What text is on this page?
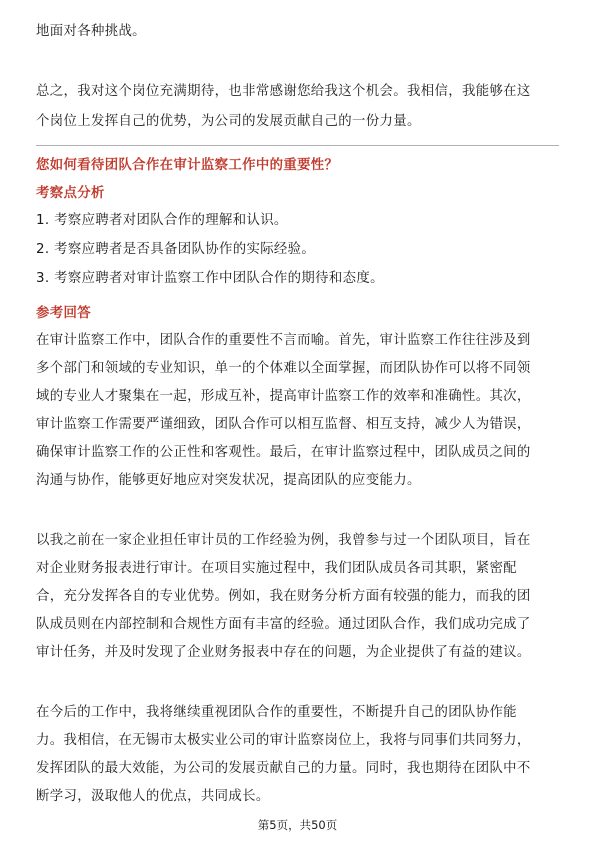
地面对各种挑战。
总之，我对这个岗位充满期待，也非常感谢您给我这个机会。我相信，我能够在这
个岗位上发挥自己的优势，为公司的发展贡献自己的一份力量。
您如何看待团队合作在审计监察工作中的重要性？
考察点分析
1. 考察应聘者对团队合作的理解和认识。
2. 考察应聘者是否具备团队协作的实际经验。
3. 考察应聘者对审计监察工作中团队合作的期待和态度。
参考回答
在审计监察工作中，团队合作的重要性不言而喻。首先，审计监察工作往往涉及到
多个部门和领域的专业知识，单一的个体难以全面掌握，而团队协作可以将不同领
域的专业人才聚集在一起，形成互补，提高审计监察工作的效率和准确性。其次，
审计监察工作需要严谨细致，团队合作可以相互监督、相互支持，减少人为错误，
确保审计监察工作的公正性和客观性。最后，在审计监察过程中，团队成员之间的
沟通与协作，能够更好地应对突发状况，提高团队的应变能力。
以我之前在一家企业担任审计员的工作经验为例，我曾参与过一个团队项目，旨在
对企业财务报表进行审计。在项目实施过程中，我们团队成员各司其职，紧密配
合，充分发挥各自的专业优势。例如，我在财务分析方面有较强的能力，而我的团
队成员则在内部控制和合规性方面有丰富的经验。通过团队合作，我们成功完成了
审计任务，并及时发现了企业财务报表中存在的问题，为企业提供了有益的建议。
在今后的工作中，我将继续重视团队合作的重要性，不断提升自己的团队协作能
力。我相信，在无锡市太极实业公司的审计监察岗位上，我将与同事们共同努力，
发挥团队的最大效能，为公司的发展贡献自己的力量。同时，我也期待在团队中不
断学习，汲取他人的优点，共同成长。
第5页，共50页
